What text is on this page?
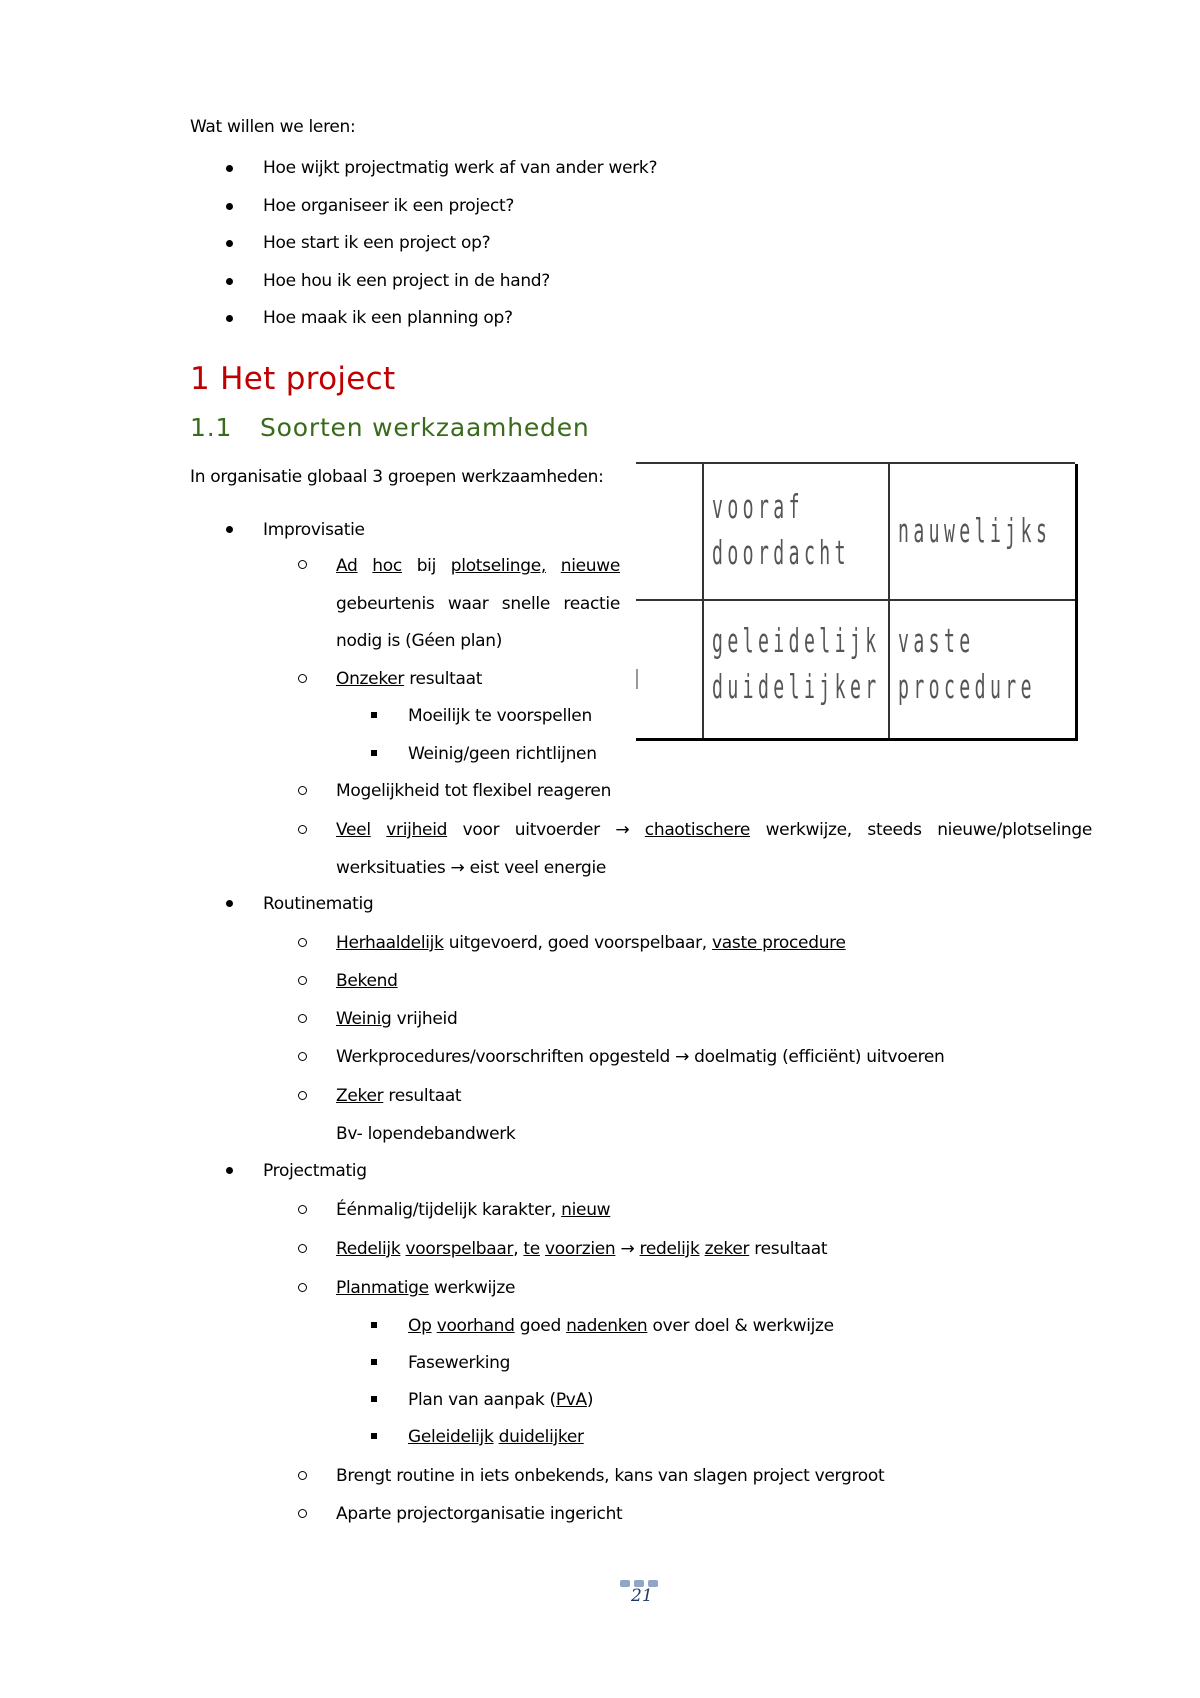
Wat willen we leren:
Hoe wijkt projectmatig werk af van ander werk?
Hoe organiseer ik een project?
Hoe start ik een project op?
Hoe hou ik een project in de hand?
Hoe maak ik een planning op?
1 Het project
1.1 Soorten werkzaamheden
In organisatie globaal 3 groepen werkzaamheden:
vooraf
doordacht
nauwelijks
geleidelijk
duidelijker
vaste
procedure
Improvisatie
Ad hoc bij plotselinge, nieuwe
gebeurtenis waar snelle reactie
nodig is (Géen plan)
Onzeker resultaat
Moeilijk te voorspellen
Weinig/geen richtlijnen
Mogelijkheid tot flexibel reageren
Veel vrijheid voor uitvoerder → chaotischere werkwijze, steeds nieuwe/plotselinge
werksituaties → eist veel energie
Routinematig
Herhaaldelijk uitgevoerd, goed voorspelbaar, vaste procedure
Bekend
Weinig vrijheid
Werkprocedures/voorschriften opgesteld → doelmatig (efficiënt) uitvoeren
Zeker resultaat
Bv- lopendebandwerk
Projectmatig
Éénmalig/tijdelijk karakter, nieuw
Redelijk voorspelbaar, te voorzien → redelijk zeker resultaat
Planmatige werkwijze
Op voorhand goed nadenken over doel & werkwijze
Fasewerking
Plan van aanpak (PvA)
Geleidelijk duidelijker
Brengt routine in iets onbekends, kans van slagen project vergroot
Aparte projectorganisatie ingericht
21
